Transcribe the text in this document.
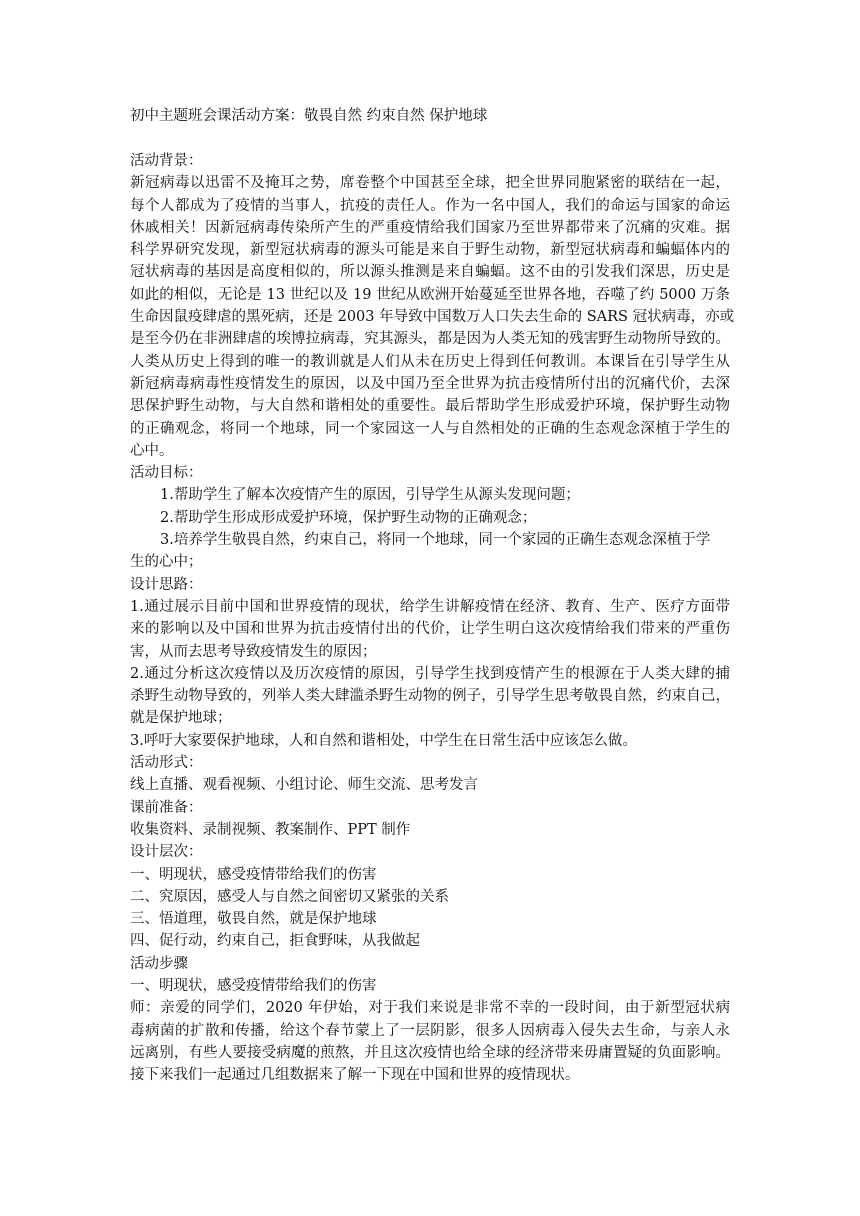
初中主题班会课活动方案：敬畏自然 约束自然 保护地球
活动背景：
新冠病毒以迅雷不及掩耳之势，席卷整个中国甚至全球，把全世界同胞紧密的联结在一起，
每个人都成为了疫情的当事人，抗疫的责任人。作为一名中国人，我们的命运与国家的命运
休戚相关！因新冠病毒传染所产生的严重疫情给我们国家乃至世界都带来了沉痛的灾难。据
科学界研究发现，新型冠状病毒的源头可能是来自于野生动物，新型冠状病毒和蝙蝠体内的
冠状病毒的基因是高度相似的，所以源头推测是来自蝙蝠。这不由的引发我们深思，历史是
如此的相似，无论是 13 世纪以及 19 世纪从欧洲开始蔓延至世界各地，吞噬了约 5000 万条
生命因鼠疫肆虐的黑死病，还是 2003 年导致中国数万人口失去生命的 SARS 冠状病毒，亦或
是至今仍在非洲肆虐的埃博拉病毒，究其源头，都是因为人类无知的残害野生动物所导致的。
人类从历史上得到的唯一的教训就是人们从未在历史上得到任何教训。本课旨在引导学生从
新冠病毒病毒性疫情发生的原因，以及中国乃至全世界为抗击疫情所付出的沉痛代价，去深
思保护野生动物，与大自然和谐相处的重要性。最后帮助学生形成爱护环境，保护野生动物
的正确观念，将同一个地球，同一个家园这一人与自然相处的正确的生态观念深植于学生的
心中。
活动目标：
1.帮助学生了解本次疫情产生的原因，引导学生从源头发现问题；
2.帮助学生形成形成爱护环境，保护野生动物的正确观念；
3.培养学生敬畏自然，约束自己，将同一个地球，同一个家园的正确生态观念深植于学
生的心中；
设计思路：
1.通过展示目前中国和世界疫情的现状，给学生讲解疫情在经济、教育、生产、医疗方面带
来的影响以及中国和世界为抗击疫情付出的代价，让学生明白这次疫情给我们带来的严重伤
害，从而去思考导致疫情发生的原因；
2.通过分析这次疫情以及历次疫情的原因，引导学生找到疫情产生的根源在于人类大肆的捕
杀野生动物导致的，列举人类大肆滥杀野生动物的例子，引导学生思考敬畏自然，约束自己，
就是保护地球；
3.呼吁大家要保护地球，人和自然和谐相处，中学生在日常生活中应该怎么做。
活动形式：
线上直播、观看视频、小组讨论、师生交流、思考发言
课前准备：
收集资料、录制视频、教案制作、PPT 制作
设计层次：
一、明现状，感受疫情带给我们的伤害
二、究原因，感受人与自然之间密切又紧张的关系
三、悟道理，敬畏自然，就是保护地球
四、促行动，约束自己，拒食野味，从我做起
活动步骤
一、明现状，感受疫情带给我们的伤害
师：亲爱的同学们，2020 年伊始，对于我们来说是非常不幸的一段时间，由于新型冠状病
毒病菌的扩散和传播，给这个春节蒙上了一层阴影，很多人因病毒入侵失去生命，与亲人永
远离别，有些人要接受病魔的煎熬，并且这次疫情也给全球的经济带来毋庸置疑的负面影响。
接下来我们一起通过几组数据来了解一下现在中国和世界的疫情现状。
